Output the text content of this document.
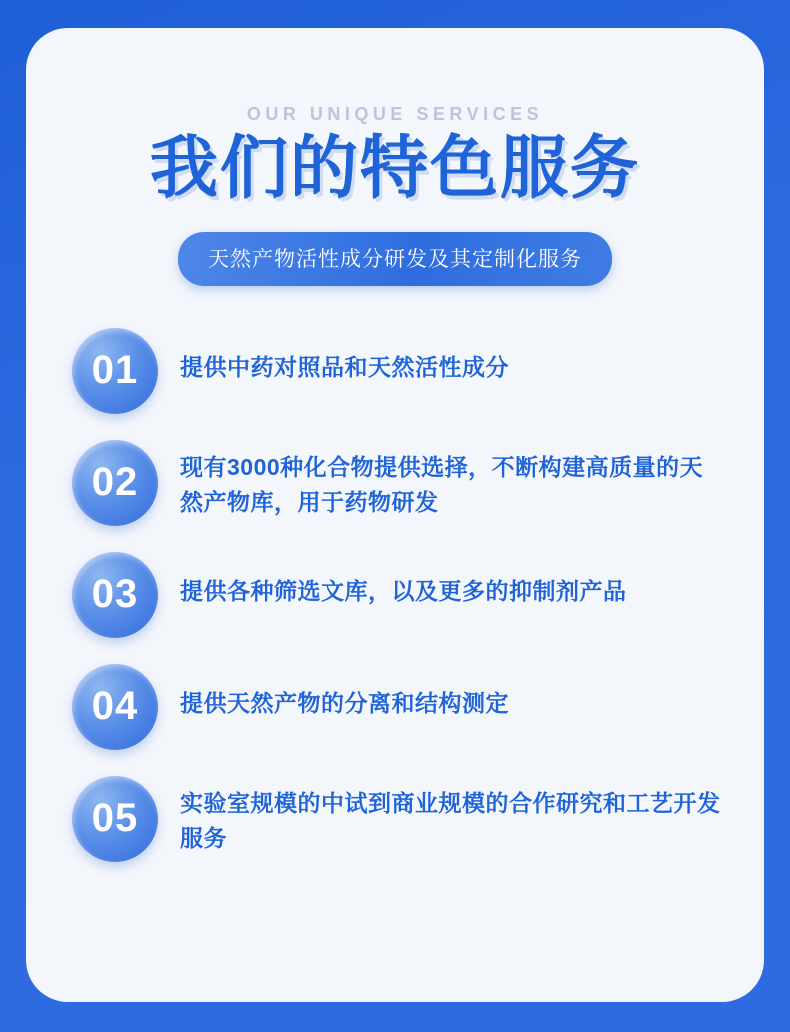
OUR UNIQUE SERVICES
我们的特色服务
天然产物活性成分研发及其定制化服务
01	提供中药对照品和天然活性成分
02	现有3000种化合物提供选择，不断构建高质量的天然产物库，用于药物研发
03	提供各种筛选文库，以及更多的抑制剂产品
04	提供天然产物的分离和结构测定
05	实验室规模的中试到商业规模的合作研究和工艺开发服务
